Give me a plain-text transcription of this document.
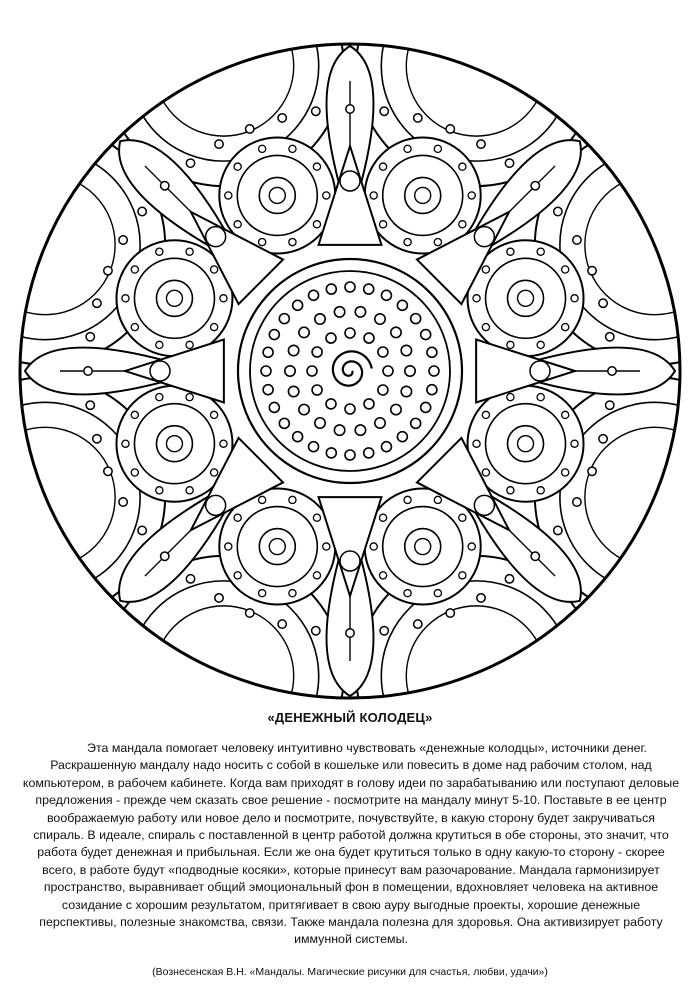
«ДЕНЕЖНЫЙ КОЛОДЕЦ»
Эта мандала помогает человеку интуитивно чувствовать «денежные колодцы», источники денег. Раскрашенную мандалу надо носить с собой в кошельке или повесить в доме над рабочим столом, над компьютером, в рабочем кабинете. Когда вам приходят в голову идеи по зарабатыванию или поступают деловые предложения - прежде чем сказать свое решение - посмотрите на мандалу минут 5-10. Поставьте в ее центр воображаемую работу или новое дело и посмотрите, почувствуйте, в какую сторону будет закручиваться спираль. В идеале, спираль с поставленной в центр работой должна крутиться в обе стороны, это значит, что работа будет денежная и прибыльная. Если же она будет крутиться только в одну какую-то сторону - скорее всего, в работе будут «подводные косяки», которые принесут вам разочарование. Мандала гармонизирует пространство, выравнивает общий эмоциональный фон в помещении, вдохновляет человека на активное созидание с хорошим результатом, притягивает в свою ауру выгодные проекты, хорошие денежные перспективы, полезные знакомства, связи. Также мандала полезна для здоровья. Она активизирует работу иммунной системы.
(Вознесенская В.Н. «Мандалы. Магические рисунки для счастья, любви, удачи»)
